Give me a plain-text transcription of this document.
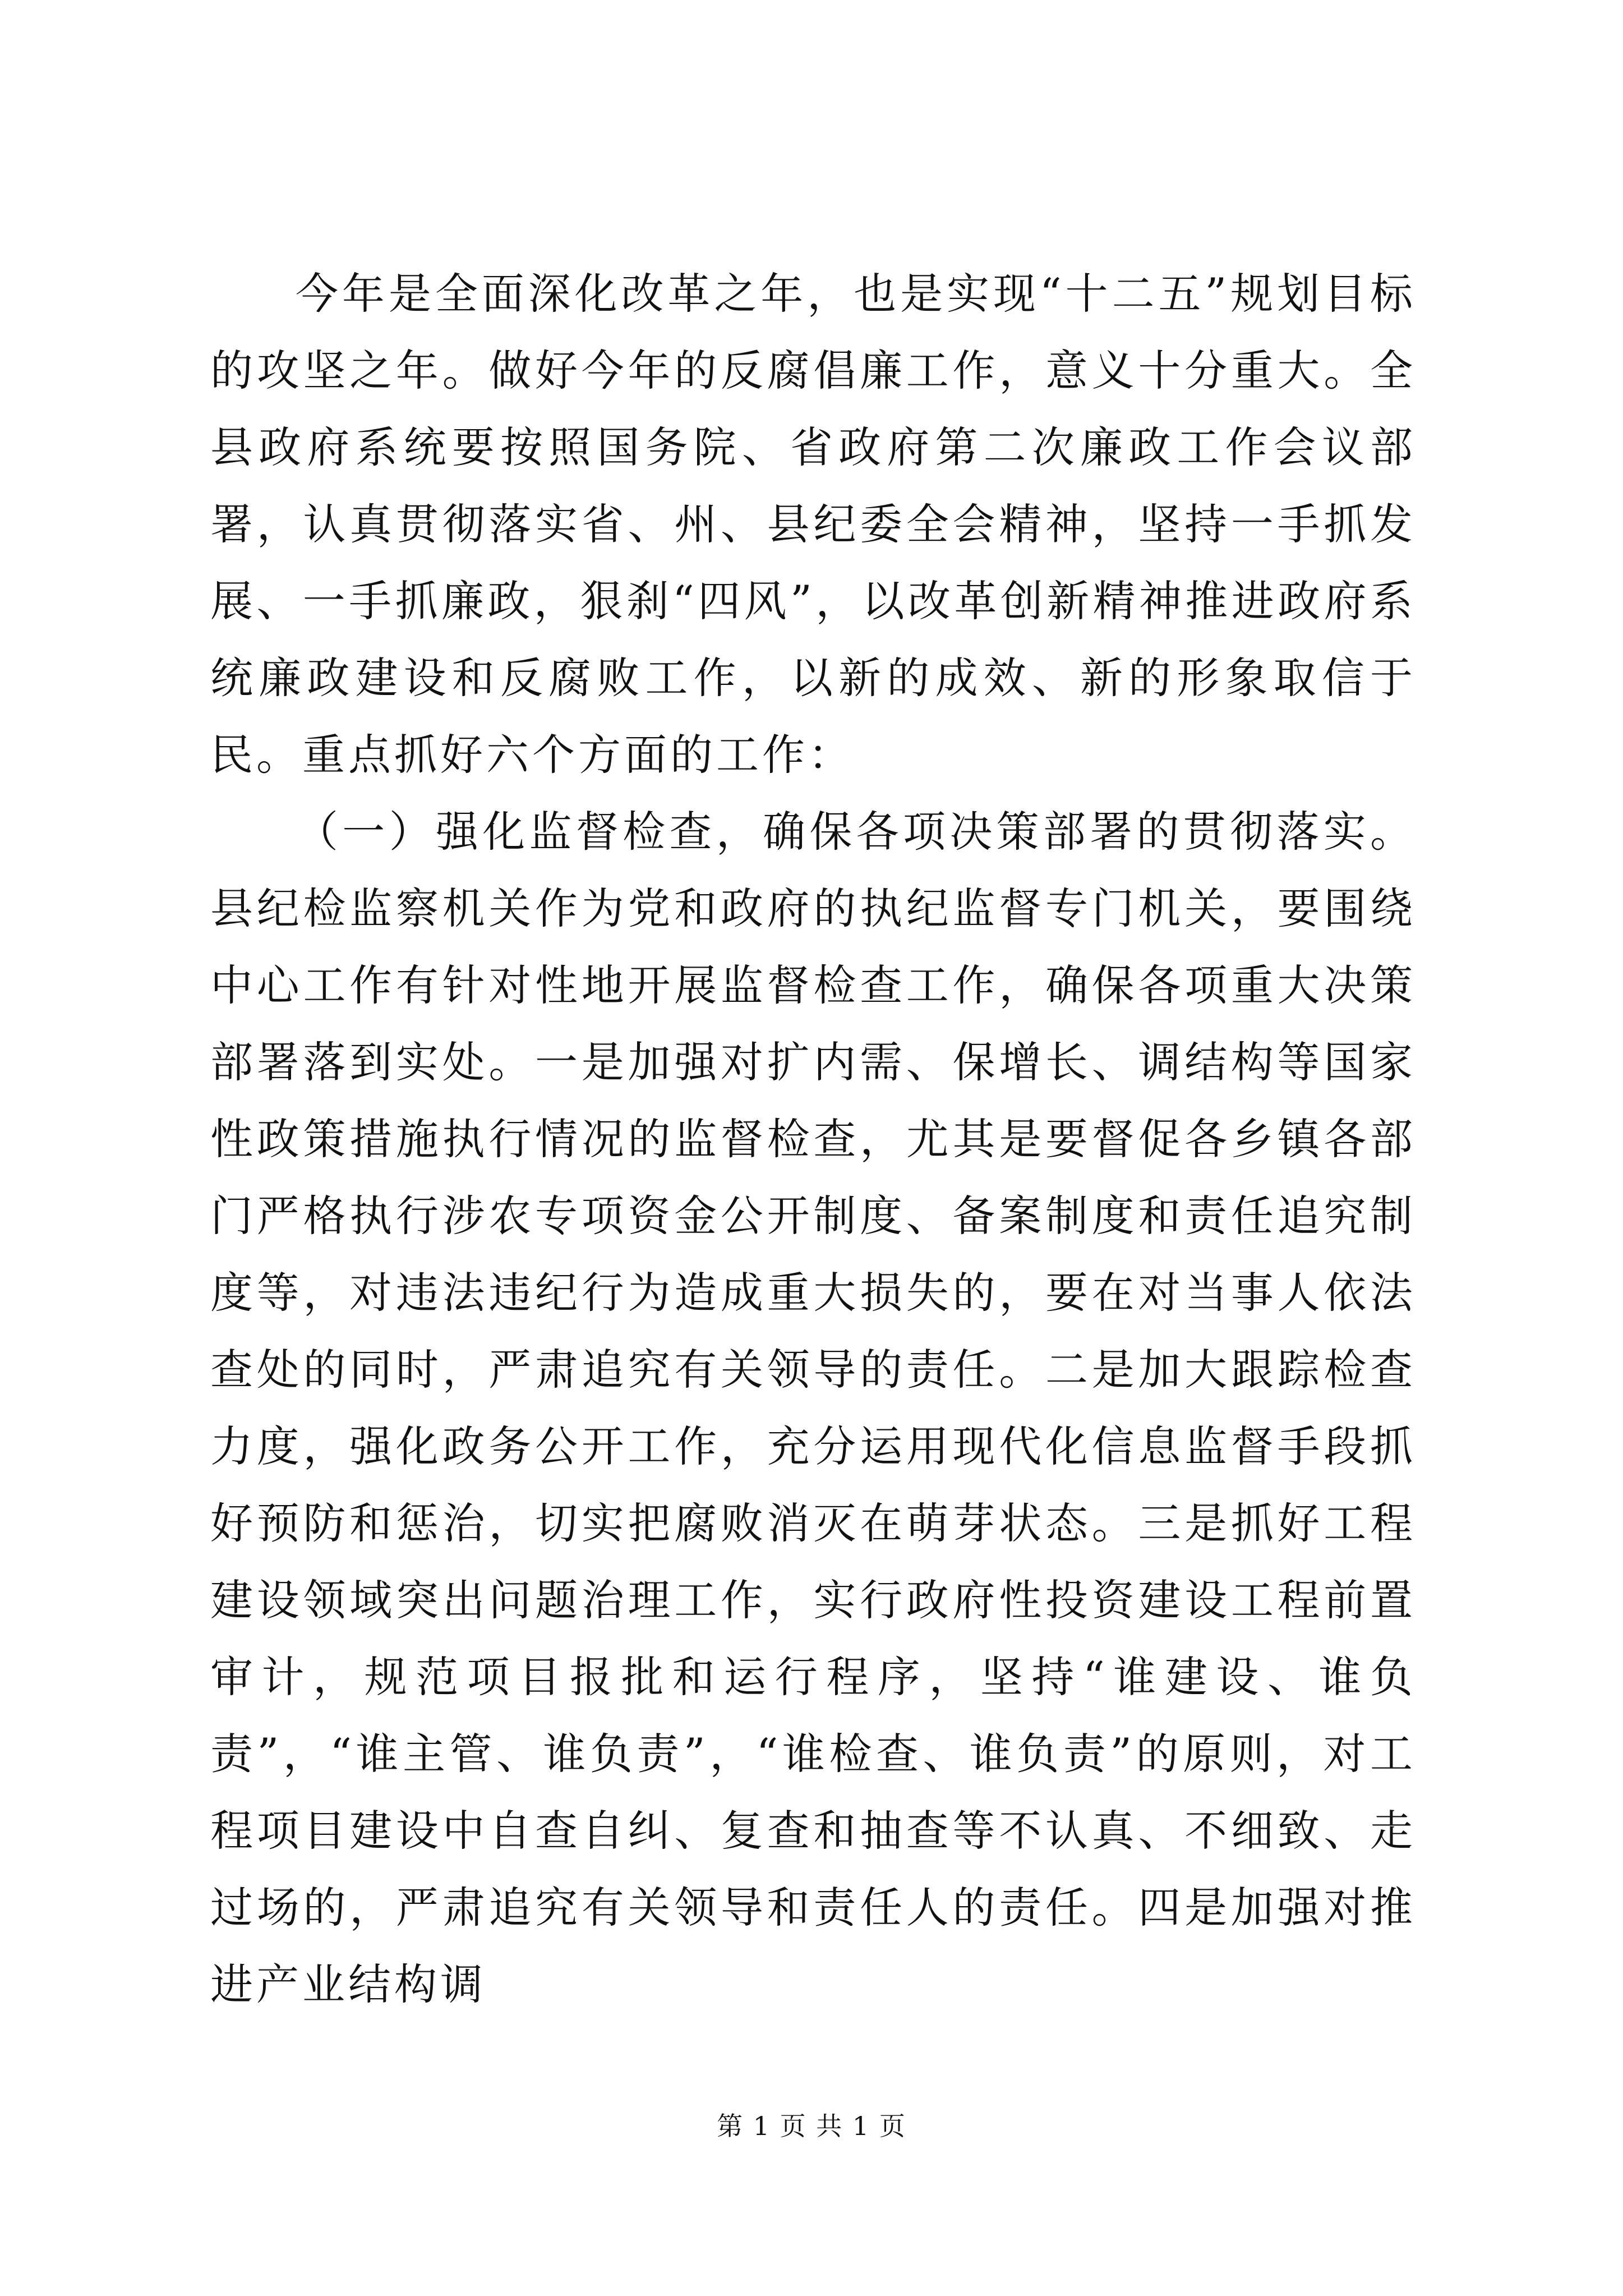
今年是全面深化改革之年，也是实现“十二五”规划目标的攻坚之年。做好今年的反腐倡廉工作，意义十分重大。全县政府系统要按照国务院、省政府第二次廉政工作会议部署，认真贯彻落实省、州、县纪委全会精神，坚持一手抓发展、一手抓廉政，狠刹“四风”，以改革创新精神推进政府系统廉政建设和反腐败工作，以新的成效、新的形象取信于民。重点抓好六个方面的工作：

（一）强化监督检查，确保各项决策部署的贯彻落实。县纪检监察机关作为党和政府的执纪监督专门机关，要围绕中心工作有针对性地开展监督检查工作，确保各项重大决策部署落到实处。一是加强对扩内需、保增长、调结构等国家性政策措施执行情况的监督检查，尤其是要督促各乡镇各部门严格执行涉农专项资金公开制度、备案制度和责任追究制度等，对违法违纪行为造成重大损失的，要在对当事人依法查处的同时，严肃追究有关领导的责任。二是加大跟踪检查力度，强化政务公开工作，充分运用现代化信息监督手段抓好预防和惩治，切实把腐败消灭在萌芽状态。三是抓好工程建设领域突出问题治理工作，实行政府性投资建设工程前置审计，规范项目报批和运行程序，坚持“谁建设、谁负责”，“谁主管、谁负责”，“谁检查、谁负责”的原则，对工程项目建设中自查自纠、复查和抽查等不认真、不细致、走过场的，严肃追究有关领导和责任人的责任。四是加强对推进产业结构调

第 1 页 共 1 页
